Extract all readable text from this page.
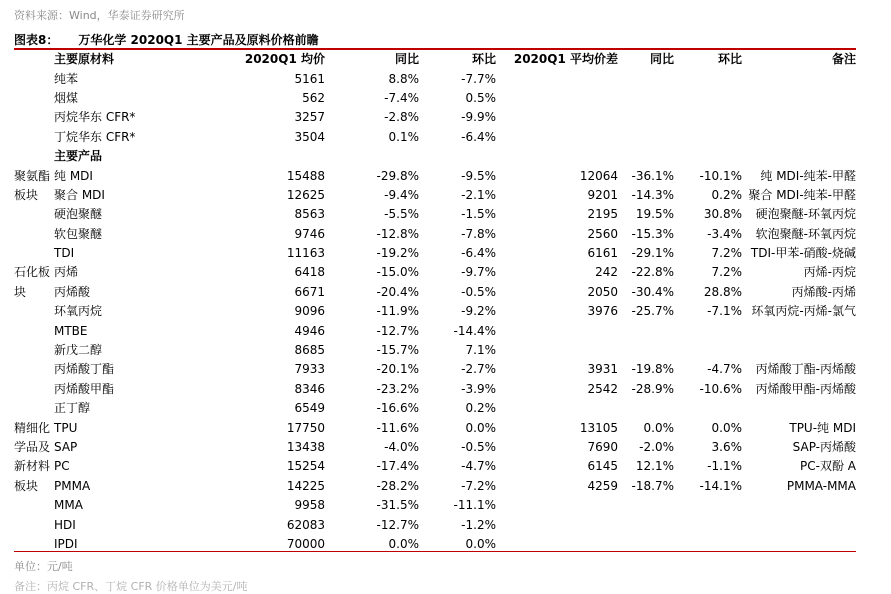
资料来源：Wind，华泰证券研究所
图表8： 万华化学 2020Q1 主要产品及原料价格前瞻
	主要原材料	2020Q1 均价	同比	环比	2020Q1 平均价差	同比	环比	备注
	纯苯	5161	8.8%	-7.7%				
	烟煤	562	-7.4%	0.5%				
	丙烷华东 CFR*	3257	-2.8%	-9.9%				
	丁烷华东 CFR*	3504	0.1%	-6.4%				
	主要产品							
聚氨酯	纯 MDI	15488	-29.8%	-9.5%	12064	-36.1%	-10.1%	纯 MDI-纯苯-甲醛
板块	聚合 MDI	12625	-9.4%	-2.1%	9201	-14.3%	0.2%	聚合 MDI-纯苯-甲醛
	硬泡聚醚	8563	-5.5%	-1.5%	2195	19.5%	30.8%	硬泡聚醚-环氧丙烷
	软包聚醚	9746	-12.8%	-7.8%	2560	-15.3%	-3.4%	软泡聚醚-环氧丙烷
	TDI	11163	-19.2%	-6.4%	6161	-29.1%	7.2%	TDI-甲苯-硝酸-烧碱
石化板	丙烯	6418	-15.0%	-9.7%	242	-22.8%	7.2%	丙烯-丙烷
块	丙烯酸	6671	-20.4%	-0.5%	2050	-30.4%	28.8%	丙烯酸-丙烯
	环氧丙烷	9096	-11.9%	-9.2%	3976	-25.7%	-7.1%	环氧丙烷-丙烯-氯气
	MTBE	4946	-12.7%	-14.4%				
	新戊二醇	8685	-15.7%	7.1%				
	丙烯酸丁酯	7933	-20.1%	-2.7%	3931	-19.8%	-4.7%	丙烯酸丁酯-丙烯酸
	丙烯酸甲酯	8346	-23.2%	-3.9%	2542	-28.9%	-10.6%	丙烯酸甲酯-丙烯酸
	正丁醇	6549	-16.6%	0.2%				
精细化	TPU	17750	-11.6%	0.0%	13105	0.0%	0.0%	TPU-纯 MDI
学品及	SAP	13438	-4.0%	-0.5%	7690	-2.0%	3.6%	SAP-丙烯酸
新材料	PC	15254	-17.4%	-4.7%	6145	12.1%	-1.1%	PC-双酚 A
板块	PMMA	14225	-28.2%	-7.2%	4259	-18.7%	-14.1%	PMMA-MMA
	MMA	9958	-31.5%	-11.1%				
	HDI	62083	-12.7%	-1.2%				
	IPDI	70000	0.0%	0.0%				
单位：元/吨
备注：丙烷 CFR、丁烷 CFR 价格单位为美元/吨
